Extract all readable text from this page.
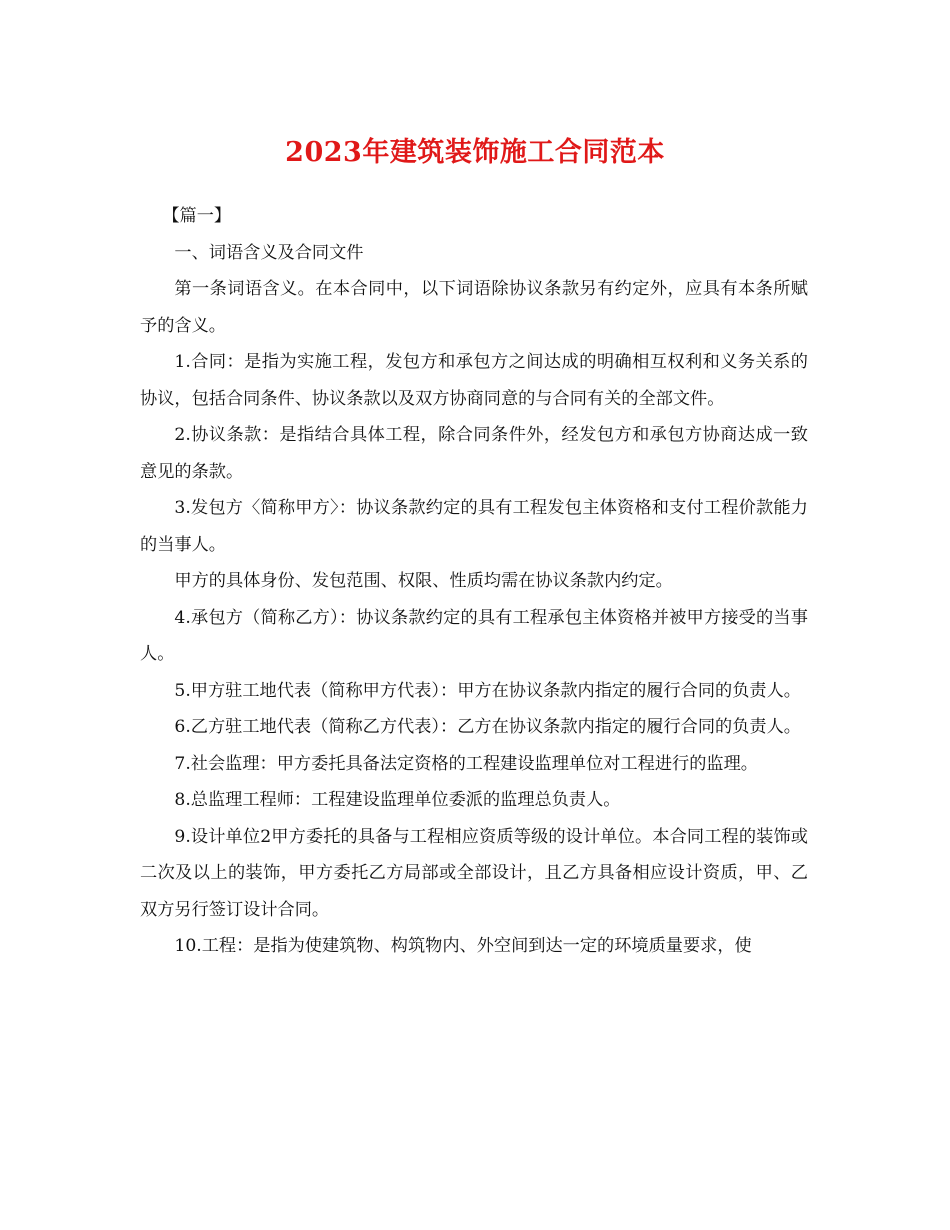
2023年建筑装饰施工合同范本

【篇一】

一、词语含义及合同文件

第一条词语含义。在本合同中，以下词语除协议条款另有约定外，应具有本条所赋予的含义。

1.合同：是指为实施工程，发包方和承包方之间达成的明确相互权利和义务关系的协议，包括合同条件、协议条款以及双方协商同意的与合同有关的全部文件。

2.协议条款：是指结合具体工程，除合同条件外，经发包方和承包方协商达成一致意见的条款。

3.发包方〈简称甲方〉：协议条款约定的具有工程发包主体资格和支付工程价款能力的当事人。

甲方的具体身份、发包范围、权限、性质均需在协议条款内约定。

4.承包方（简称乙方）：协议条款约定的具有工程承包主体资格并被甲方接受的当事人。

5.甲方驻工地代表（简称甲方代表）：甲方在协议条款内指定的履行合同的负责人。

6.乙方驻工地代表（简称乙方代表）：乙方在协议条款内指定的履行合同的负责人。

7.社会监理：甲方委托具备法定资格的工程建设监理单位对工程进行的监理。

8.总监理工程师：工程建设监理单位委派的监理总负责人。

9.设计单位2甲方委托的具备与工程相应资质等级的设计单位。本合同工程的装饰或二次及以上的装饰，甲方委托乙方局部或全部设计，且乙方具备相应设计资质，甲、乙双方另行签订设计合同。

10.工程：是指为使建筑物、构筑物内、外空间到达一定的环境质量要求，使
